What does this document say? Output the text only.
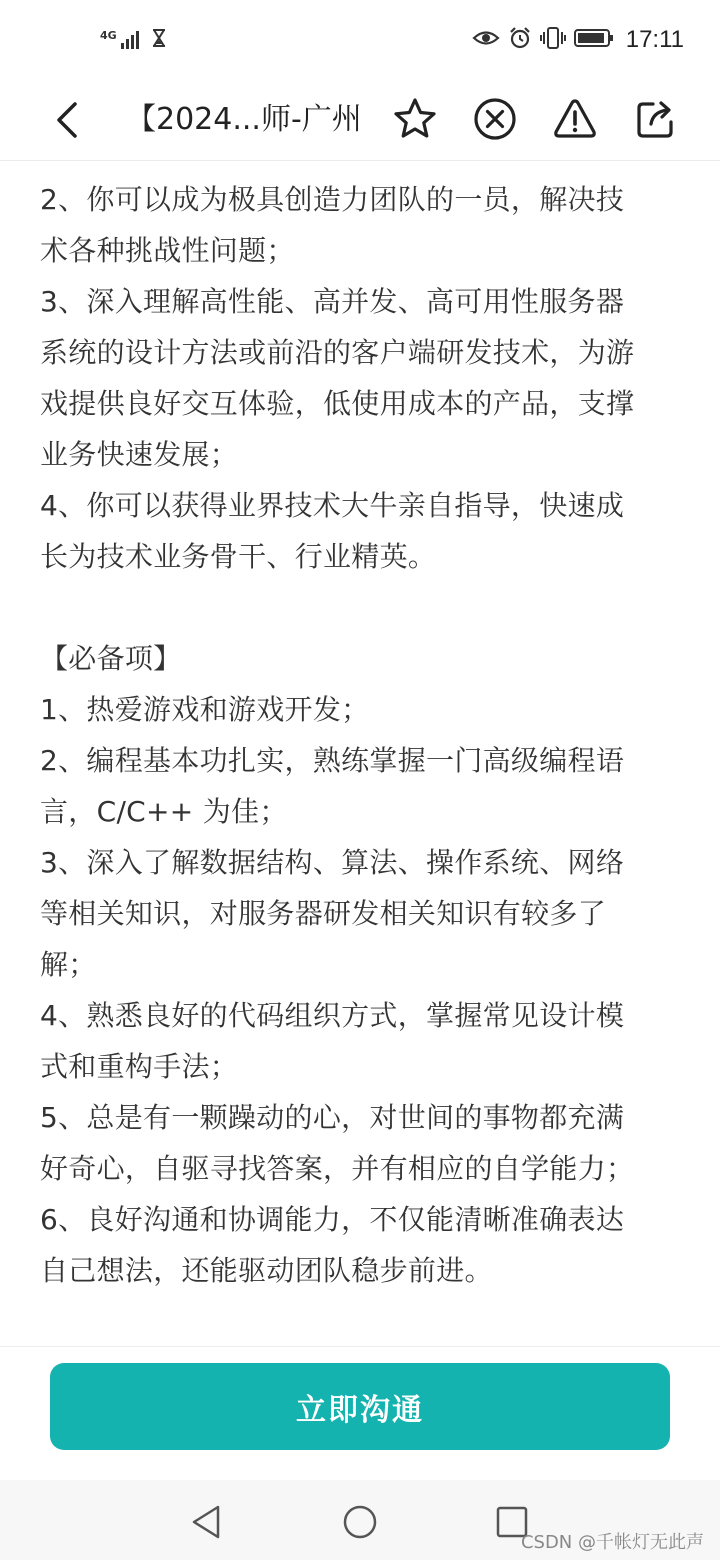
4G	17:11
【2024...师-广州
2、你可以成为极具创造力团队的一员，解决技
术各种挑战性问题；
3、深入理解高性能、高并发、高可用性服务器
系统的设计方法或前沿的客户端研发技术，为游
戏提供良好交互体验，低使用成本的产品，支撑
业务快速发展；
4、你可以获得业界技术大牛亲自指导，快速成
长为技术业务骨干、行业精英。
【必备项】
1、热爱游戏和游戏开发；
2、编程基本功扎实，熟练掌握一门高级编程语
言，C/C++ 为佳；
3、深入了解数据结构、算法、操作系统、网络
等相关知识，对服务器研发相关知识有较多了
解；
4、熟悉良好的代码组织方式，掌握常见设计模
式和重构手法；
5、总是有一颗躁动的心，对世间的事物都充满
好奇心，自驱寻找答案，并有相应的自学能力；
6、良好沟通和协调能力，不仅能清晰准确表达
自己想法，还能驱动团队稳步前进。
立即沟通
CSDN @千帐灯无此声
